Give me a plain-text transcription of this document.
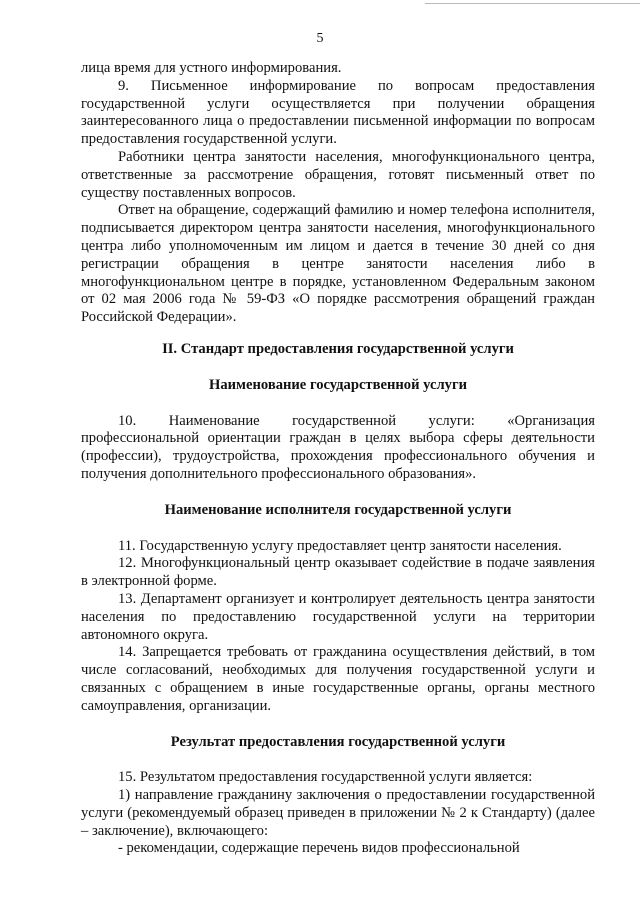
5

лица время для устного информирования.

9. Письменное информирование по вопросам предоставления государственной услуги осуществляется при получении обращения заинтересованного лица о предоставлении письменной информации по вопросам предоставления государственной услуги.

Работники центра занятости населения, многофункционального центра, ответственные за рассмотрение обращения, готовят письменный ответ по существу поставленных вопросов.

Ответ на обращение, содержащий фамилию и номер телефона исполнителя, подписывается директором центра занятости населения, многофункционального центра либо уполномоченным им лицом и дается в течение 30 дней со дня регистрации обращения в центре занятости населения либо в многофункциональном центре в порядке, установленном Федеральным законом от 02 мая 2006 года № 59-ФЗ «О порядке рассмотрения обращений граждан Российской Федерации».

II. Стандарт предоставления государственной услуги
Наименование государственной услуги

10. Наименование государственной услуги: «Организация профессиональной ориентации граждан в целях выбора сферы деятельности (профессии), трудоустройства, прохождения профессионального обучения и получения дополнительного профессионального образования».

Наименование исполнителя государственной услуги

11. Государственную услугу предоставляет центр занятости населения.

12. Многофункциональный центр оказывает содействие в подаче заявления в электронной форме.

13. Департамент организует и контролирует деятельность центра занятости населения по предоставлению государственной услуги на территории автономного округа.

14. Запрещается требовать от гражданина осуществления действий, в том числе согласований, необходимых для получения государственной услуги и связанных с обращением в иные государственные органы, органы местного самоуправления, организации.

Результат предоставления государственной услуги

15. Результатом предоставления государственной услуги является:

1) направление гражданину заключения о предоставлении государственной услуги (рекомендуемый образец приведен в приложении № 2 к Стандарту) (далее – заключение), включающего:

- рекомендации, содержащие перечень видов профессиональной
